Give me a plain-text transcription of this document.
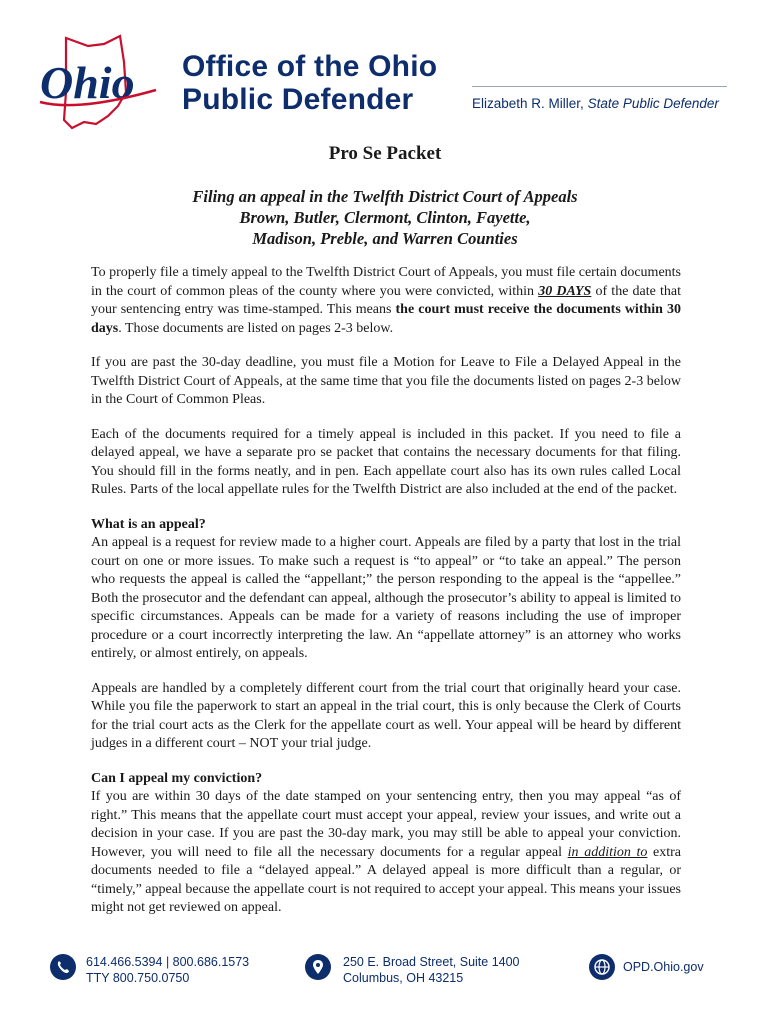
Ohio Office of the Ohio
Public Defender	Elizabeth R. Miller, State Public Defender
Pro Se Packet
Filing an appeal in the Twelfth District Court of Appeals
Brown, Butler, Clermont, Clinton, Fayette,
Madison, Preble, and Warren Counties

To properly file a timely appeal to the Twelfth District Court of Appeals, you must file certain documents in the court of common pleas of the county where you were convicted, within 30 DAYS of the date that your sentencing entry was time-stamped. This means the court must receive the documents within 30 days. Those documents are listed on pages 2-3 below.

If you are past the 30-day deadline, you must file a Motion for Leave to File a Delayed Appeal in the Twelfth District Court of Appeals, at the same time that you file the documents listed on pages 2-3 below in the Court of Common Pleas.

Each of the documents required for a timely appeal is included in this packet. If you need to file a delayed appeal, we have a separate pro se packet that contains the necessary documents for that filing. You should fill in the forms neatly, and in pen. Each appellate court also has its own rules called Local Rules. Parts of the local appellate rules for the Twelfth District are also included at the end of the packet.

What is an appeal?

An appeal is a request for review made to a higher court. Appeals are filed by a party that lost in the trial court on one or more issues. To make such a request is “to appeal” or “to take an appeal.” The person who requests the appeal is called the “appellant;” the person responding to the appeal is the “appellee.” Both the prosecutor and the defendant can appeal, although the prosecutor’s ability to appeal is limited to specific circumstances. Appeals can be made for a variety of reasons including the use of improper procedure or a court incorrectly interpreting the law. An “appellate attorney” is an attorney who works entirely, or almost entirely, on appeals.

Appeals are handled by a completely different court from the trial court that originally heard your case. While you file the paperwork to start an appeal in the trial court, this is only because the Clerk of Courts for the trial court acts as the Clerk for the appellate court as well. Your appeal will be heard by different judges in a different court – NOT your trial judge.

Can I appeal my conviction?

If you are within 30 days of the date stamped on your sentencing entry, then you may appeal “as of right.” This means that the appellate court must accept your appeal, review your issues, and write out a decision in your case. If you are past the 30-day mark, you may still be able to appeal your conviction. However, you will need to file all the necessary documents for a regular appeal in addition to extra documents needed to file a “delayed appeal.” A delayed appeal is more difficult than a regular, or “timely,” appeal because the appellate court is not required to accept your appeal. This means your issues might not get reviewed on appeal.

614.466.5394 | 800.686.1573
TTY 800.750.0750
250 E. Broad Street, Suite 1400
Columbus, OH 43215
OPD.Ohio.gov
